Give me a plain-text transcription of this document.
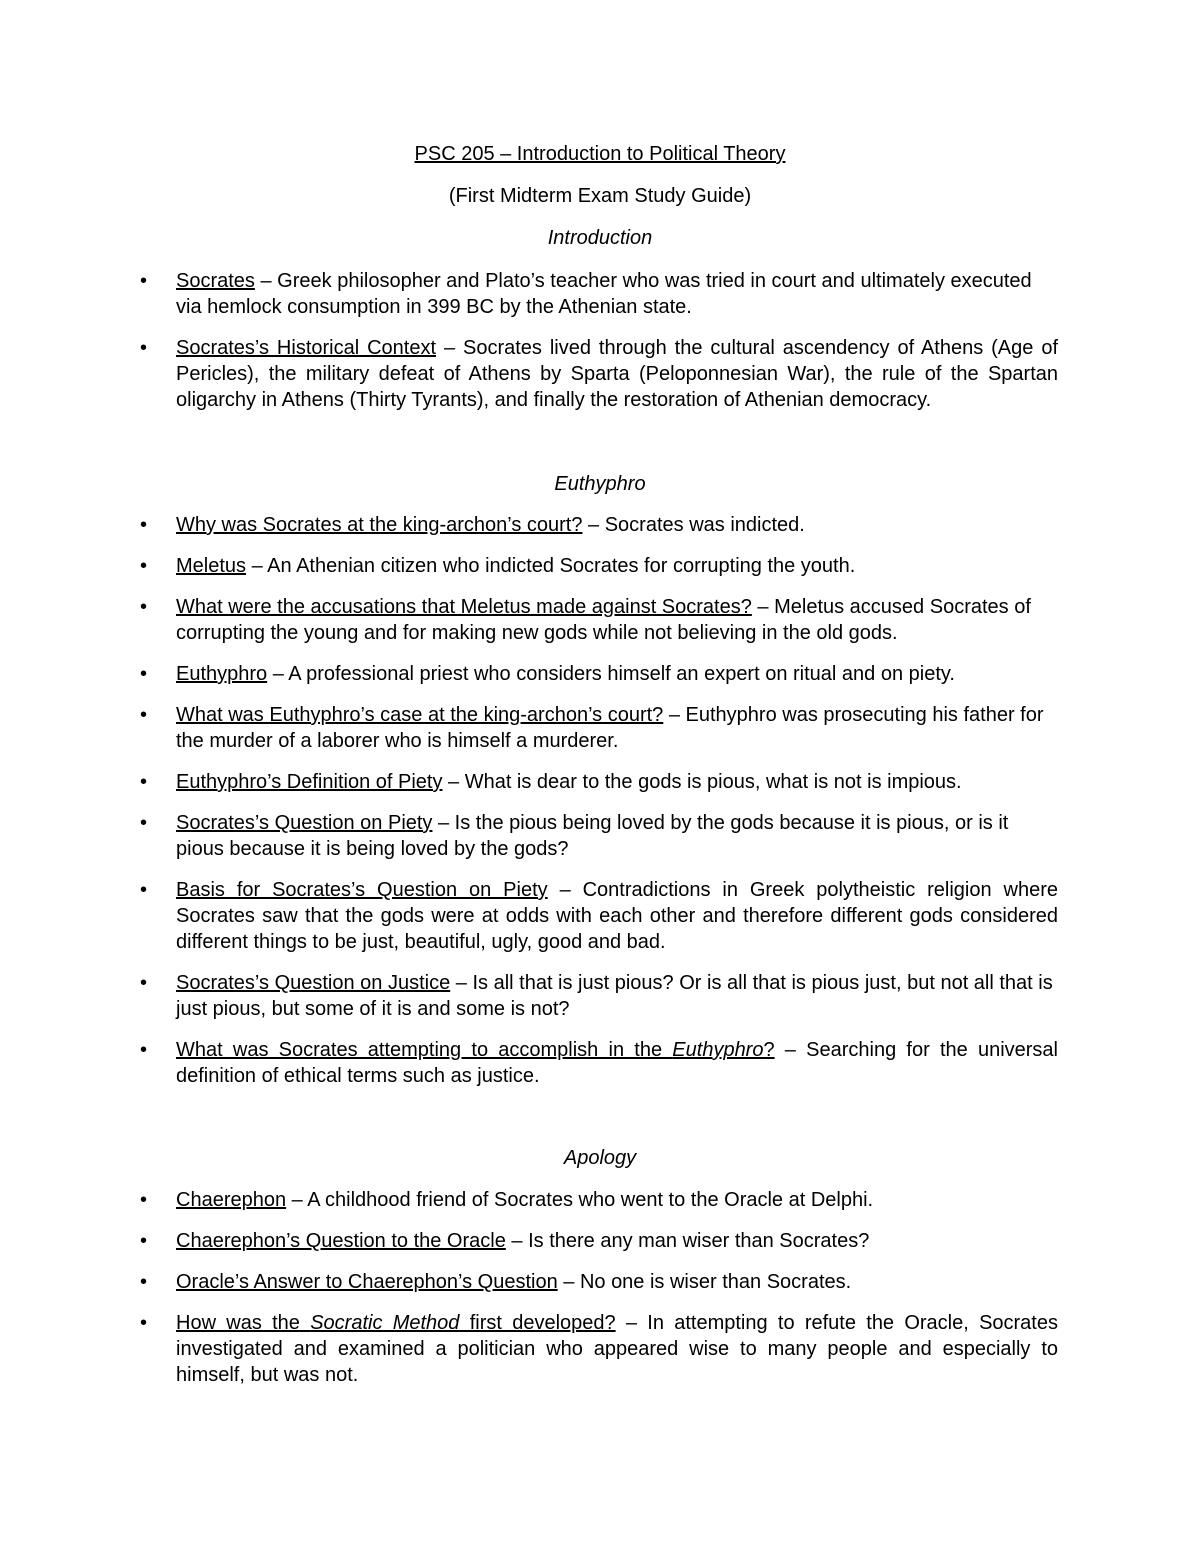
PSC 205 – Introduction to Political Theory
(First Midterm Exam Study Guide)
Introduction
•	Socrates – Greek philosopher and Plato’s teacher who was tried in court and ultimately executed via hemlock consumption in 399 BC by the Athenian state.
•	Socrates’s Historical Context – Socrates lived through the cultural ascendency of Athens (Age of Pericles), the military defeat of Athens by Sparta (Peloponnesian War), the rule of the Spartan oligarchy in Athens (Thirty Tyrants), and finally the restoration of Athenian democracy.
Euthyphro
•	Why was Socrates at the king-archon’s court? – Socrates was indicted.
•	Meletus – An Athenian citizen who indicted Socrates for corrupting the youth.
•	What were the accusations that Meletus made against Socrates? – Meletus accused Socrates of corrupting the young and for making new gods while not believing in the old gods.
•	Euthyphro – A professional priest who considers himself an expert on ritual and on piety.
•	What was Euthyphro’s case at the king-archon’s court? – Euthyphro was prosecuting his father for the murder of a laborer who is himself a murderer.
•	Euthyphro’s Definition of Piety – What is dear to the gods is pious, what is not is impious.
•	Socrates’s Question on Piety – Is the pious being loved by the gods because it is pious, or is it pious because it is being loved by the gods?
•	Basis for Socrates’s Question on Piety – Contradictions in Greek polytheistic religion where Socrates saw that the gods were at odds with each other and therefore different gods considered different things to be just, beautiful, ugly, good and bad.
•	Socrates’s Question on Justice – Is all that is just pious? Or is all that is pious just, but not all that is just pious, but some of it is and some is not?
•	What was Socrates attempting to accomplish in the Euthyphro? – Searching for the universal definition of ethical terms such as justice.
Apology
•	Chaerephon – A childhood friend of Socrates who went to the Oracle at Delphi.
•	Chaerephon’s Question to the Oracle – Is there any man wiser than Socrates?
•	Oracle’s Answer to Chaerephon’s Question – No one is wiser than Socrates.
•	How was the Socratic Method first developed? – In attempting to refute the Oracle, Socrates investigated and examined a politician who appeared wise to many people and especially to himself, but was not.
